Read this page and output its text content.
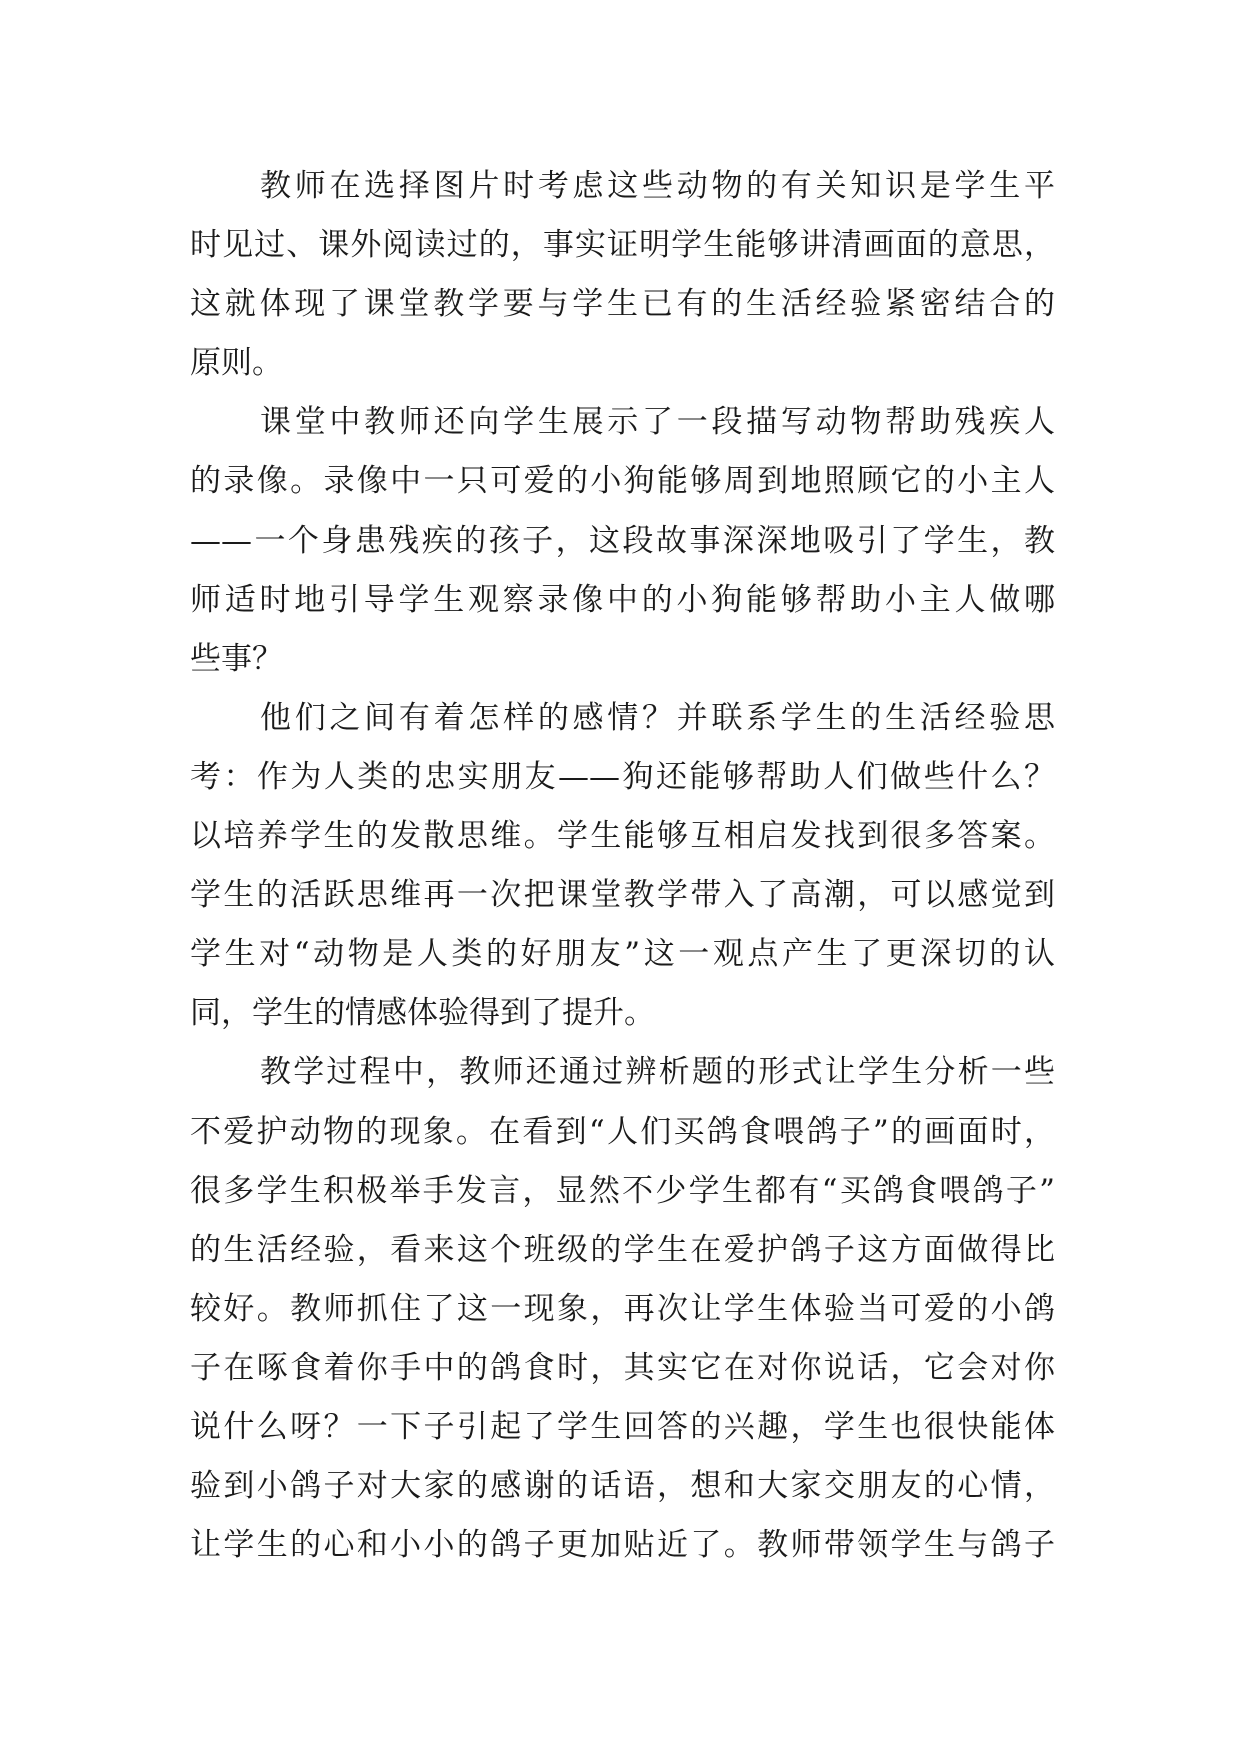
教师在选择图片时考虑这些动物的有关知识是学生平
时见过、课外阅读过的，事实证明学生能够讲清画面的意思，
这就体现了课堂教学要与学生已有的生活经验紧密结合的
原则。
课堂中教师还向学生展示了一段描写动物帮助残疾人
的录像。录像中一只可爱的小狗能够周到地照顾它的小主人
——一个身患残疾的孩子，这段故事深深地吸引了学生，教
师适时地引导学生观察录像中的小狗能够帮助小主人做哪
些事？
他们之间有着怎样的感情？并联系学生的生活经验思
考：作为人类的忠实朋友——狗还能够帮助人们做些什么？
以培养学生的发散思维。学生能够互相启发找到很多答案。
学生的活跃思维再一次把课堂教学带入了高潮，可以感觉到
学生对“动物是人类的好朋友”这一观点产生了更深切的认
同，学生的情感体验得到了提升。
教学过程中，教师还通过辨析题的形式让学生分析一些
不爱护动物的现象。在看到“人们买鸽食喂鸽子”的画面时，
很多学生积极举手发言，显然不少学生都有“买鸽食喂鸽子”
的生活经验，看来这个班级的学生在爱护鸽子这方面做得比
较好。教师抓住了这一现象，再次让学生体验当可爱的小鸽
子在啄食着你手中的鸽食时，其实它在对你说话，它会对你
说什么呀？一下子引起了学生回答的兴趣，学生也很快能体
验到小鸽子对大家的感谢的话语，想和大家交朋友的心情，
让学生的心和小小的鸽子更加贴近了。教师带领学生与鸽子
